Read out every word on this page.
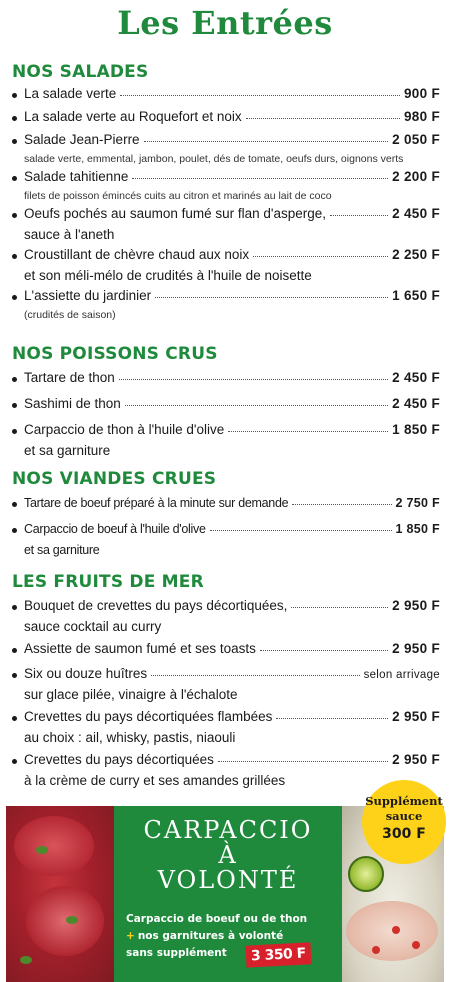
Les Entrées
NOS SALADES
La salade verte	900 F
La salade verte au Roquefort et noix	980 F
Salade Jean-Pierre	2 050 F
salade verte, emmental, jambon, poulet, dés de tomate, oeufs durs, oignons verts
Salade tahitienne	2 200 F
filets de poisson émincés cuits au citron et marinés au lait de coco
Oeufs pochés au saumon fumé sur flan d'asperge,	2 450 F
sauce à l'aneth
Croustillant de chèvre chaud aux noix	2 250 F
et son méli-mélo de crudités à l'huile de noisette
L'assiette du jardinier	1 650 F
(crudités de saison)
NOS POISSONS CRUS
Tartare de thon	2 450 F
Sashimi de thon	2 450 F
Carpaccio de thon à l'huile d'olive	1 850 F
et sa garniture
NOS VIANDES CRUES
Tartare de boeuf préparé à la minute sur demande	2 750 F
Carpaccio de boeuf à l'huile d'olive	1 850 F
et sa garniture
LES FRUITS DE MER
Bouquet de crevettes du pays décortiquées,	2 950 F
sauce cocktail au curry
Assiette de saumon fumé et ses toasts	2 950 F
Six ou douze huîtres	selon arrivage
sur glace pilée, vinaigre à l'échalote
Crevettes du pays décortiquées flambées	2 950 F
au choix : ail, whisky, pastis, niaouli
Crevettes du pays décortiquées	2 950 F
à la crème de curry et ses amandes grillées
CARPACCIO
À
VOLONTÉ
Carpaccio de boeuf ou de thon
+ nos garnitures à volonté
sans supplément	3 350 F
Supplément
sauce
300 F
